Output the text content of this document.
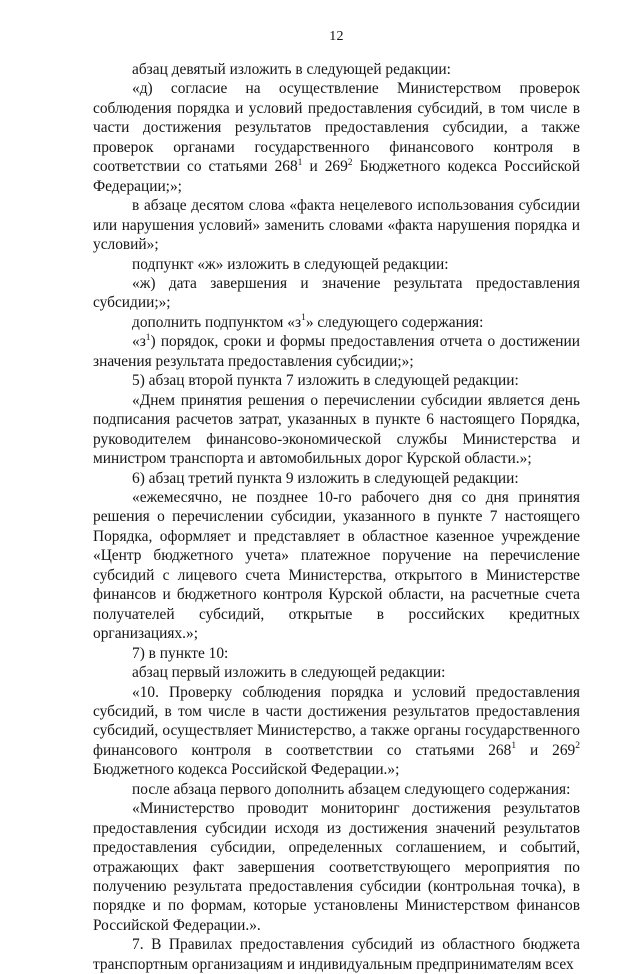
12

абзац девятый изложить в следующей редакции:

«д) согласие на осуществление Министерством проверок соблюдения порядка и условий предоставления субсидий, в том числе в части достижения результатов предоставления субсидии, а также проверок органами государственного финансового контроля в соответствии со статьями $268^1$ и $269^2$ Бюджетного кодекса Российской Федерации;»;

в абзаце десятом слова «факта нецелевого использования субсидии или нарушения условий» заменить словами «факта нарушения порядка и условий»;

подпункт «ж» изложить в следующей редакции:

«ж) дата завершения и значение результата предоставления субсидии;»;

дополнить подпунктом «$з^1$» следующего содержания:

«$з^1$) порядок, сроки и формы предоставления отчета о достижении значения результата предоставления субсидии;»;

5) абзац второй пункта 7 изложить в следующей редакции:

«Днем принятия решения о перечислении субсидии является день подписания расчетов затрат, указанных в пункте 6 настоящего Порядка, руководителем финансово-экономической службы Министерства и министром транспорта и автомобильных дорог Курской области.»;

6) абзац третий пункта 9 изложить в следующей редакции:

«ежемесячно, не позднее 10-го рабочего дня со дня принятия решения о перечислении субсидии, указанного в пункте 7 настоящего Порядка, оформляет и представляет в областное казенное учреждение «Центр бюджетного учета» платежное поручение на перечисление субсидий с лицевого счета Министерства, открытого в Министерстве финансов и бюджетного контроля Курской области, на расчетные счета получателей субсидий, открытые в российских кредитных организациях.»;

7) в пункте 10:

абзац первый изложить в следующей редакции:

«10. Проверку соблюдения порядка и условий предоставления субсидий, в том числе в части достижения результатов предоставления субсидий, осуществляет Министерство, а также органы государственного финансового контроля в соответствии со статьями $268^1$ и $269^2$ Бюджетного кодекса Российской Федерации.»;

после абзаца первого дополнить абзацем следующего содержания:

«Министерство проводит мониторинг достижения результатов предоставления субсидии исходя из достижения значений результатов предоставления субсидии, определенных соглашением, и событий, отражающих факт завершения соответствующего мероприятия по получению результата предоставления субсидии (контрольная точка), в порядке и по формам, которые установлены Министерством финансов Российской Федерации.».

7. В Правилах предоставления субсидий из областного бюджета транспортным организациям и индивидуальным предпринимателям всех
